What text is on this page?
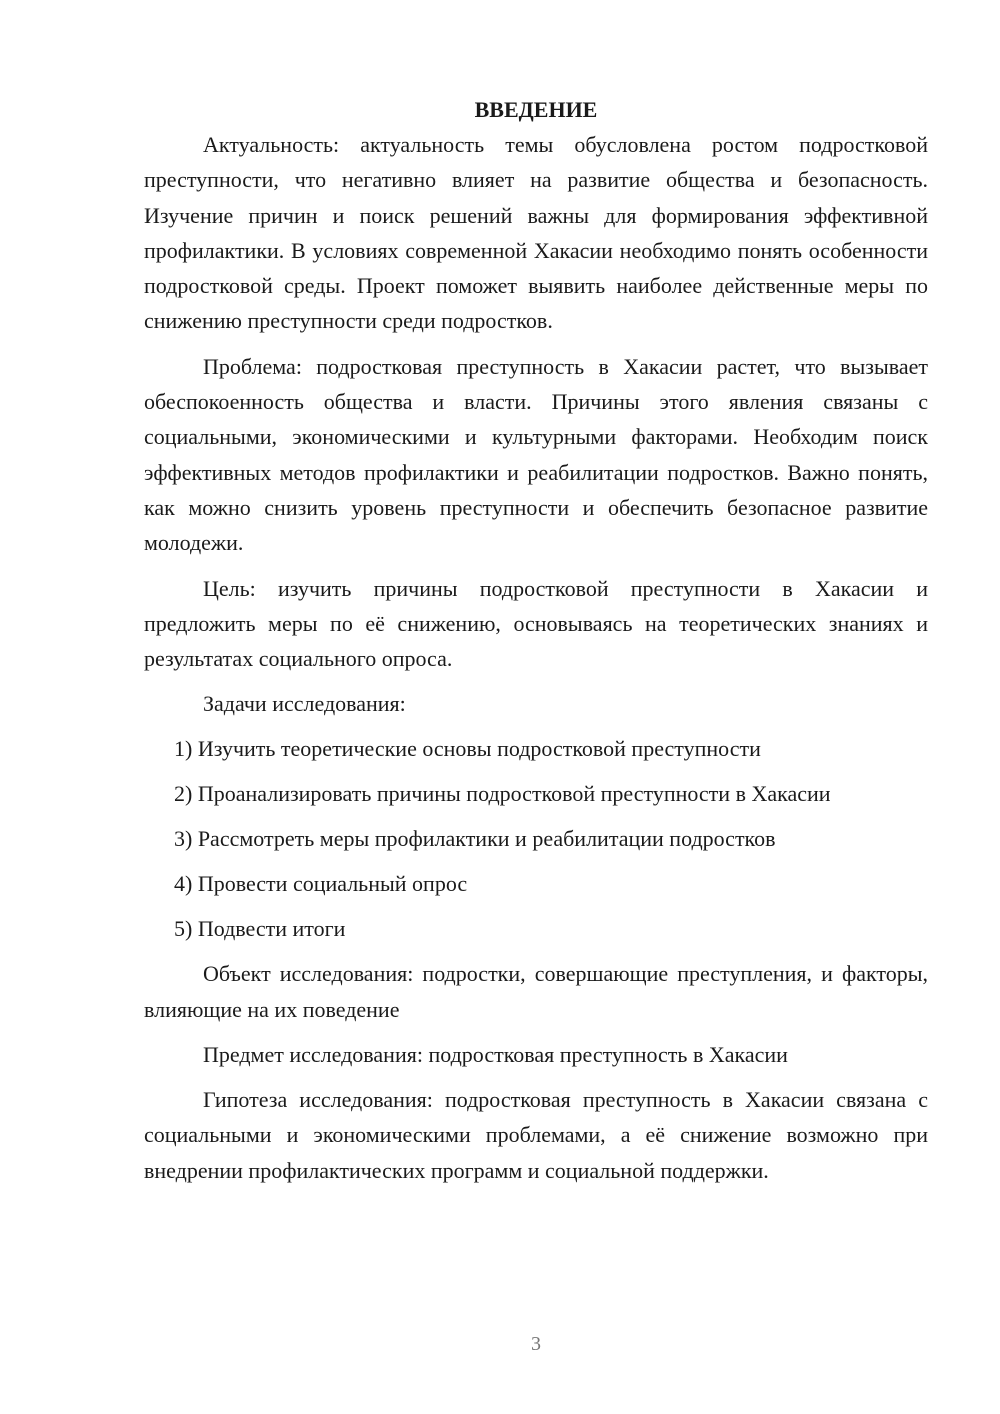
ВВЕДЕНИЕ

Актуальность: актуальность темы обусловлена ростом подростковой преступности, что негативно влияет на развитие общества и безопасность. Изучение причин и поиск решений важны для формирования эффективной профилактики. В условиях современной Хакасии необходимо понять особенности подростковой среды. Проект поможет выявить наиболее действенные меры по снижению преступности среди подростков.

Проблема: подростковая преступность в Хакасии растет, что вызывает обеспокоенность общества и власти. Причины этого явления связаны с социальными, экономическими и культурными факторами. Необходим поиск эффективных методов профилактики и реабилитации подростков. Важно понять, как можно снизить уровень преступности и обеспечить безопасное развитие молодежи.

Цель: изучить причины подростковой преступности в Хакасии и предложить меры по её снижению, основываясь на теоретических знаниях и результатах социального опроса.

Задачи исследования:

1) Изучить теоретические основы подростковой преступности

2) Проанализировать причины подростковой преступности в Хакасии

3) Рассмотреть меры профилактики и реабилитации подростков

4) Провести социальный опрос

5) Подвести итоги

Объект исследования: подростки, совершающие преступления, и факторы, влияющие на их поведение

Предмет исследования: подростковая преступность в Хакасии

Гипотеза исследования: подростковая преступность в Хакасии связана с социальными и экономическими проблемами, а её снижение возможно при внедрении профилактических программ и социальной поддержки.

3
